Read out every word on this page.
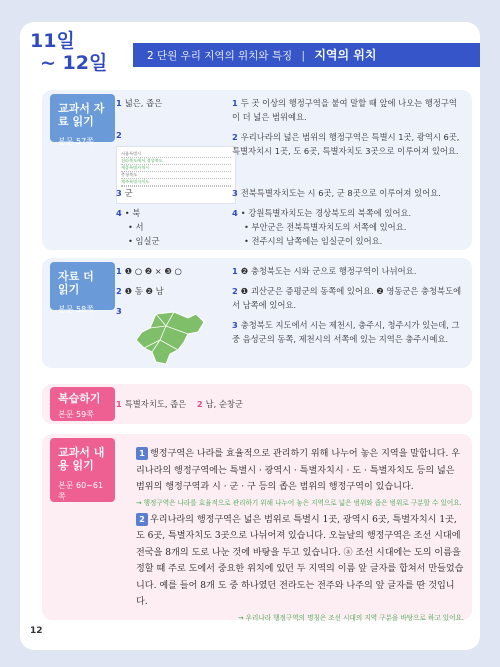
11일
~ 12일	2 단원 우리 지역의 위치와 특징 | 지역의 위치
교과서 자료 읽기
본문 57쪽
1 넓은, 좁은
2
서울특별시
전라북도에서 경상북도
세종특별자치시
충청북도
제주특별자치도
3 군
4 • 북
• 서
• 임실군
1 두 곳 이상의 행정구역을 붙여 말할 때 앞에 나오는 행정구역이 더 넓은 범위예요.
2 우리나라의 넓은 범위의 행정구역은 특별시 1곳, 광역시 6곳, 특별자치시 1곳, 도 6곳, 특별자치도 3곳으로 이루어져 있어요.
3 전북특별자치도는 시 6곳, 군 8곳으로 이루어져 있어요.
4 • 강원특별자치도는 경상북도의 북쪽에 있어요.
• 부안군은 전북특별자치도의 서쪽에 있어요.
• 전주시의 남쪽에는 임실군이 있어요.
자료 더 읽기
본문 58쪽
1 ❶ ○ ❷ × ❸ ○
2 ❶ 동 ❷ 남
3
1 ❷ 충청북도는 시와 군으로 행정구역이 나뉘어요.
2 ❶ 괴산군은 증평군의 동쪽에 있어요. ❷ 영동군은 충청북도에서 남쪽에 있어요.
3 충청북도 지도에서 시는 제천시, 충주시, 청주시가 있는데, 그 중 음성군의 동쪽, 제천시의 서쪽에 있는 지역은 충주시예요.
복습하기
본문 59쪽
1 특별자치도, 좁은 2 남, 순창군
교과서 내용 읽기
본문 60~61쪽
1 행정구역은 나라를 효율적으로 관리하기 위해 나누어 놓은 지역을 말합니다. 우리나라의 행정구역에는 특별시 · 광역시 · 특별자치시 · 도 · 특별자치도 등의 넓은 범위의 행정구역과 시 · 군 · 구 등의 좁은 범위의 행정구역이 있습니다.
→ 행정구역은 나라를 효율적으로 관리하기 위해 나누어 놓은 지역으로 넓은 범위와 좁은 범위로 구분할 수 있어요.
2 우리나라의 행정구역은 넓은 범위로 특별시 1곳, 광역시 6곳, 특별자치시 1곳, 도 6곳, 특별자치도 3곳으로 나뉘어져 있습니다. 오늘날의 행정구역은 조선 시대에 전국을 8개의 도로 나눈 것에 바탕을 두고 있습니다. ⓐ 조선 시대에는 도의 이름을 정할 때 주로 도에서 중요한 위치에 있던 두 지역의 이름 앞 글자를 합쳐서 만들었습니다. 예를 들어 8개 도 중 하나였던 전라도는 전주와 나주의 앞 글자를 딴 것입니다.
→ 우리나라 행정구역의 명칭은 조선 시대의 지역 구분을 바탕으로 하고 있어요.
12
